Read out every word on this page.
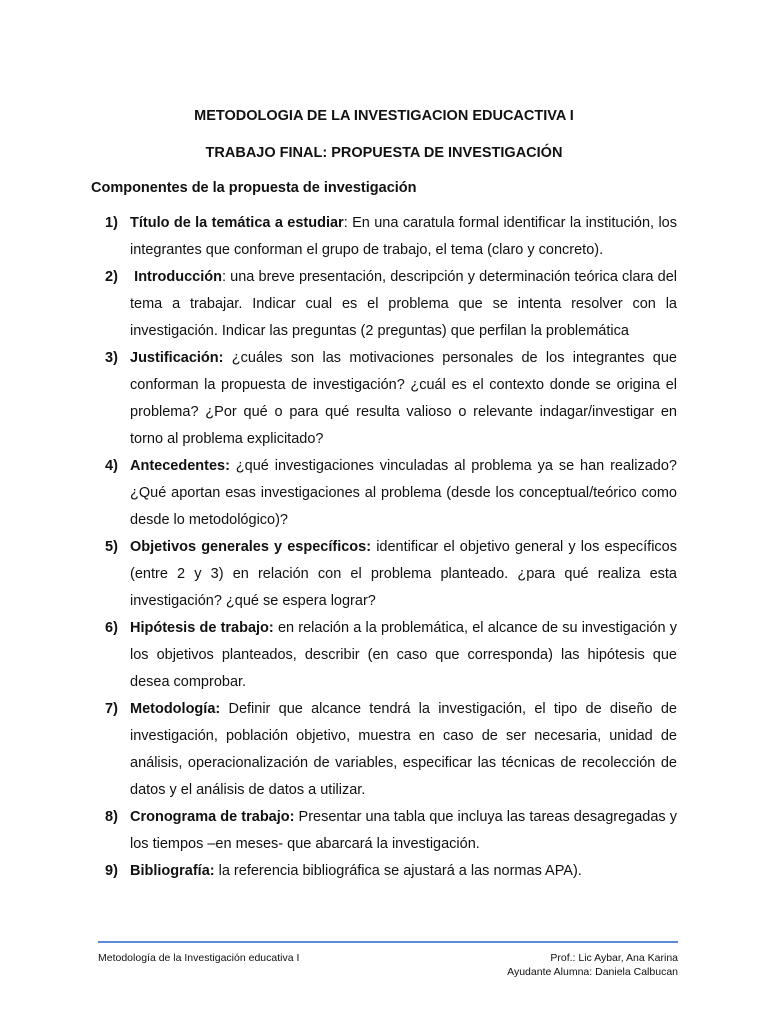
METODOLOGIA DE LA INVESTIGACION EDUCACTIVA I
TRABAJO FINAL: PROPUESTA DE INVESTIGACIÓN
Componentes de la propuesta de investigación
1) Título de la temática a estudiar: En una caratula formal identificar la institución, los integrantes que conforman el grupo de trabajo, el tema (claro y concreto).
2) Introducción: una breve presentación, descripción y determinación teórica clara del tema a trabajar. Indicar cual es el problema que se intenta resolver con la investigación. Indicar las preguntas (2 preguntas) que perfilan la problemática
3) Justificación: ¿cuáles son las motivaciones personales de los integrantes que conforman la propuesta de investigación? ¿cuál es el contexto donde se origina el problema? ¿Por qué o para qué resulta valioso o relevante indagar/investigar en torno al problema explicitado?
4) Antecedentes: ¿qué investigaciones vinculadas al problema ya se han realizado? ¿Qué aportan esas investigaciones al problema (desde los conceptual/teórico como desde lo metodológico)?
5) Objetivos generales y específicos: identificar el objetivo general y los específicos (entre 2 y 3) en relación con el problema planteado. ¿para qué realiza esta investigación? ¿qué se espera lograr?
6) Hipótesis de trabajo: en relación a la problemática, el alcance de su investigación y los objetivos planteados, describir (en caso que corresponda) las hipótesis que desea comprobar.
7) Metodología: Definir que alcance tendrá la investigación, el tipo de diseño de investigación, población objetivo, muestra en caso de ser necesaria, unidad de análisis, operacionalización de variables, especificar las técnicas de recolección de datos y el análisis de datos a utilizar.
8) Cronograma de trabajo: Presentar una tabla que incluya las tareas desagregadas y los tiempos –en meses- que abarcará la investigación.
9) Bibliografía: la referencia bibliográfica se ajustará a las normas APA).
Metodología de la Investigación educativa I	Prof.: Lic Aybar, Ana Karina
Ayudante Alumna: Daniela Calbucan
